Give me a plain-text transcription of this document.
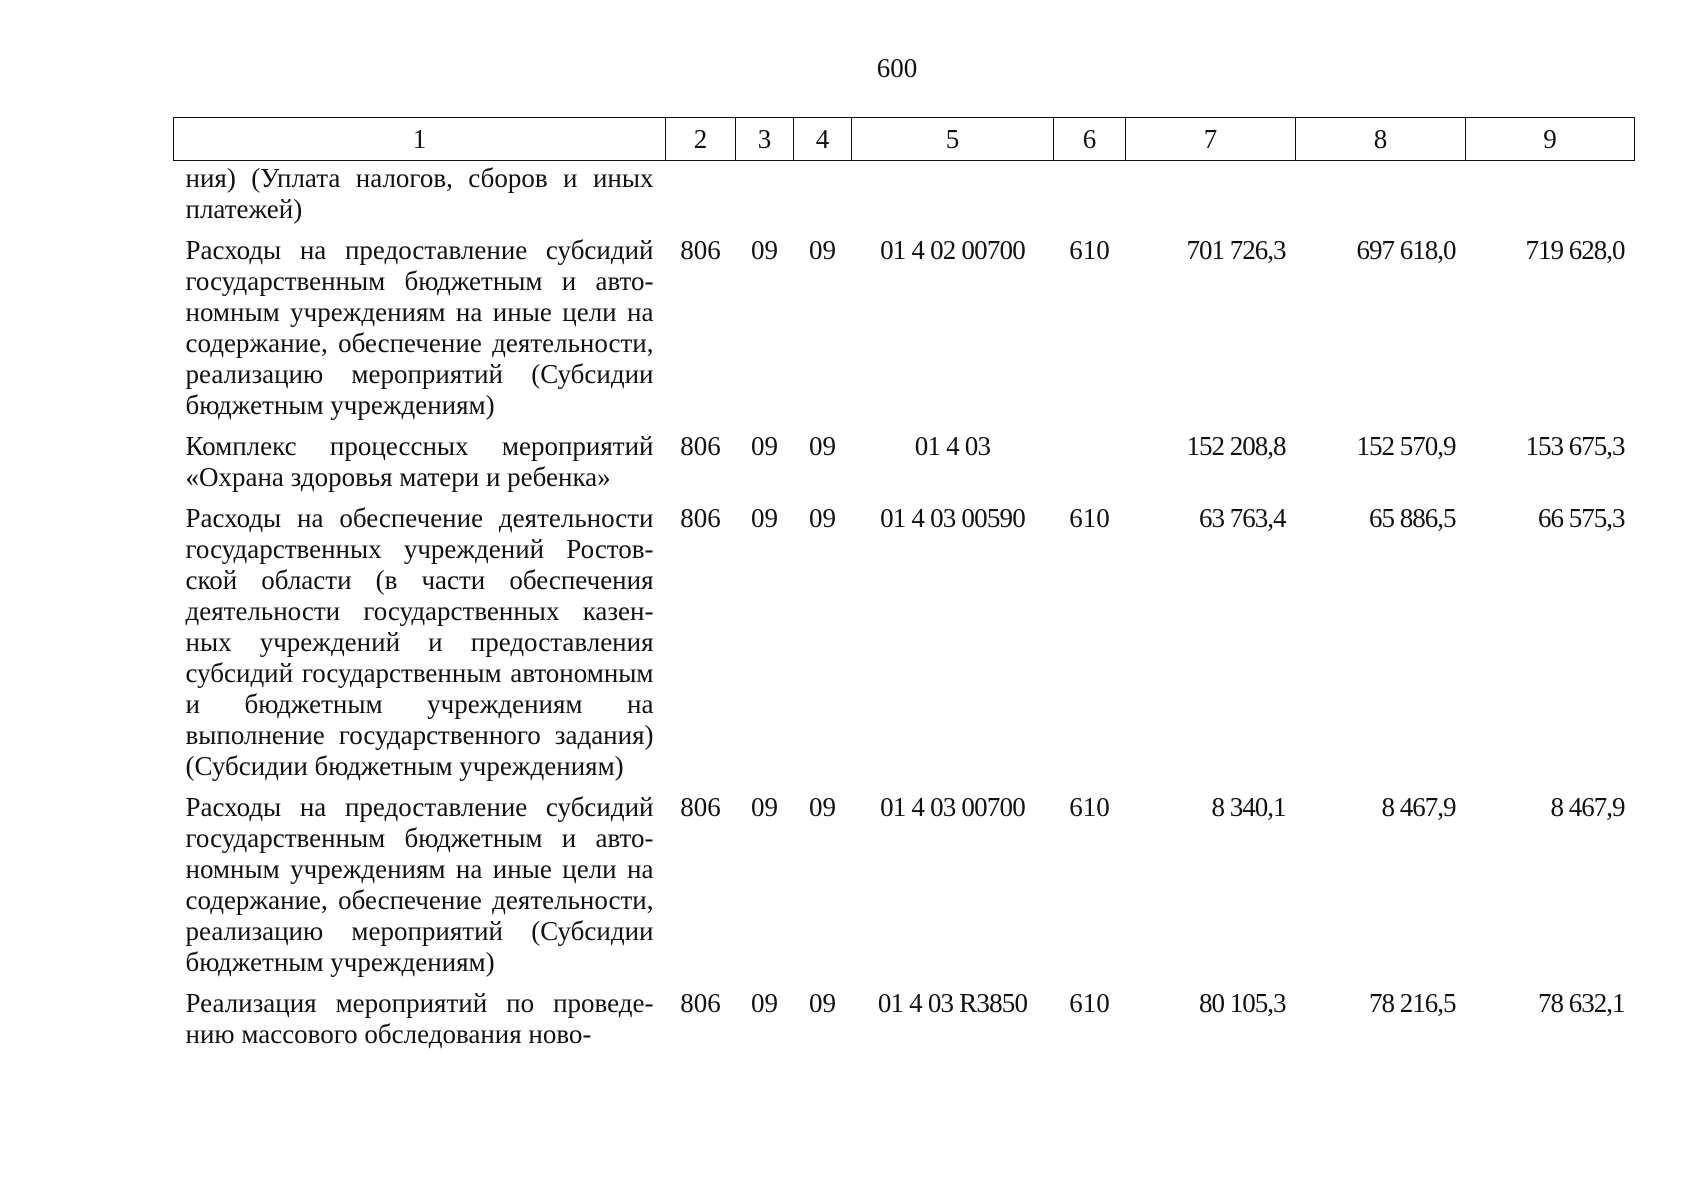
600
1	2	3	4	5	6	7	8	9
ния) (Уплата налогов, сборов и иных платежей)								
Расходы на предоставление субсидий государственным бюджетным и автономным учреждениям на иные цели на содержание, обеспечение деятельности, реализацию мероприятий (Субсидии бюджетным учреждениям)	806	09	09	01 4 02 00700	610	701 726,3	697 618,0	719 628,0
Комплекс процессных мероприятий «Охрана здоровья матери и ребенка»	806	09	09	01 4 03		152 208,8	152 570,9	153 675,3
Расходы на обеспечение деятельности государственных учреждений Ростовской области (в части обеспечения деятельности государственных казенных учреждений и предоставления субсидий государственным автономным и бюджетным учреждениям на выполнение государственного задания) (Субсидии бюджетным учреждениям)	806	09	09	01 4 03 00590	610	63 763,4	65 886,5	66 575,3
Расходы на предоставление субсидий государственным бюджетным и автономным учреждениям на иные цели на содержание, обеспечение деятельности, реализацию мероприятий (Субсидии бюджетным учреждениям)	806	09	09	01 4 03 00700	610	8 340,1	8 467,9	8 467,9
Реализация мероприятий по проведению массового обследования ново-	806	09	09	01 4 03 R3850	610	80 105,3	78 216,5	78 632,1
